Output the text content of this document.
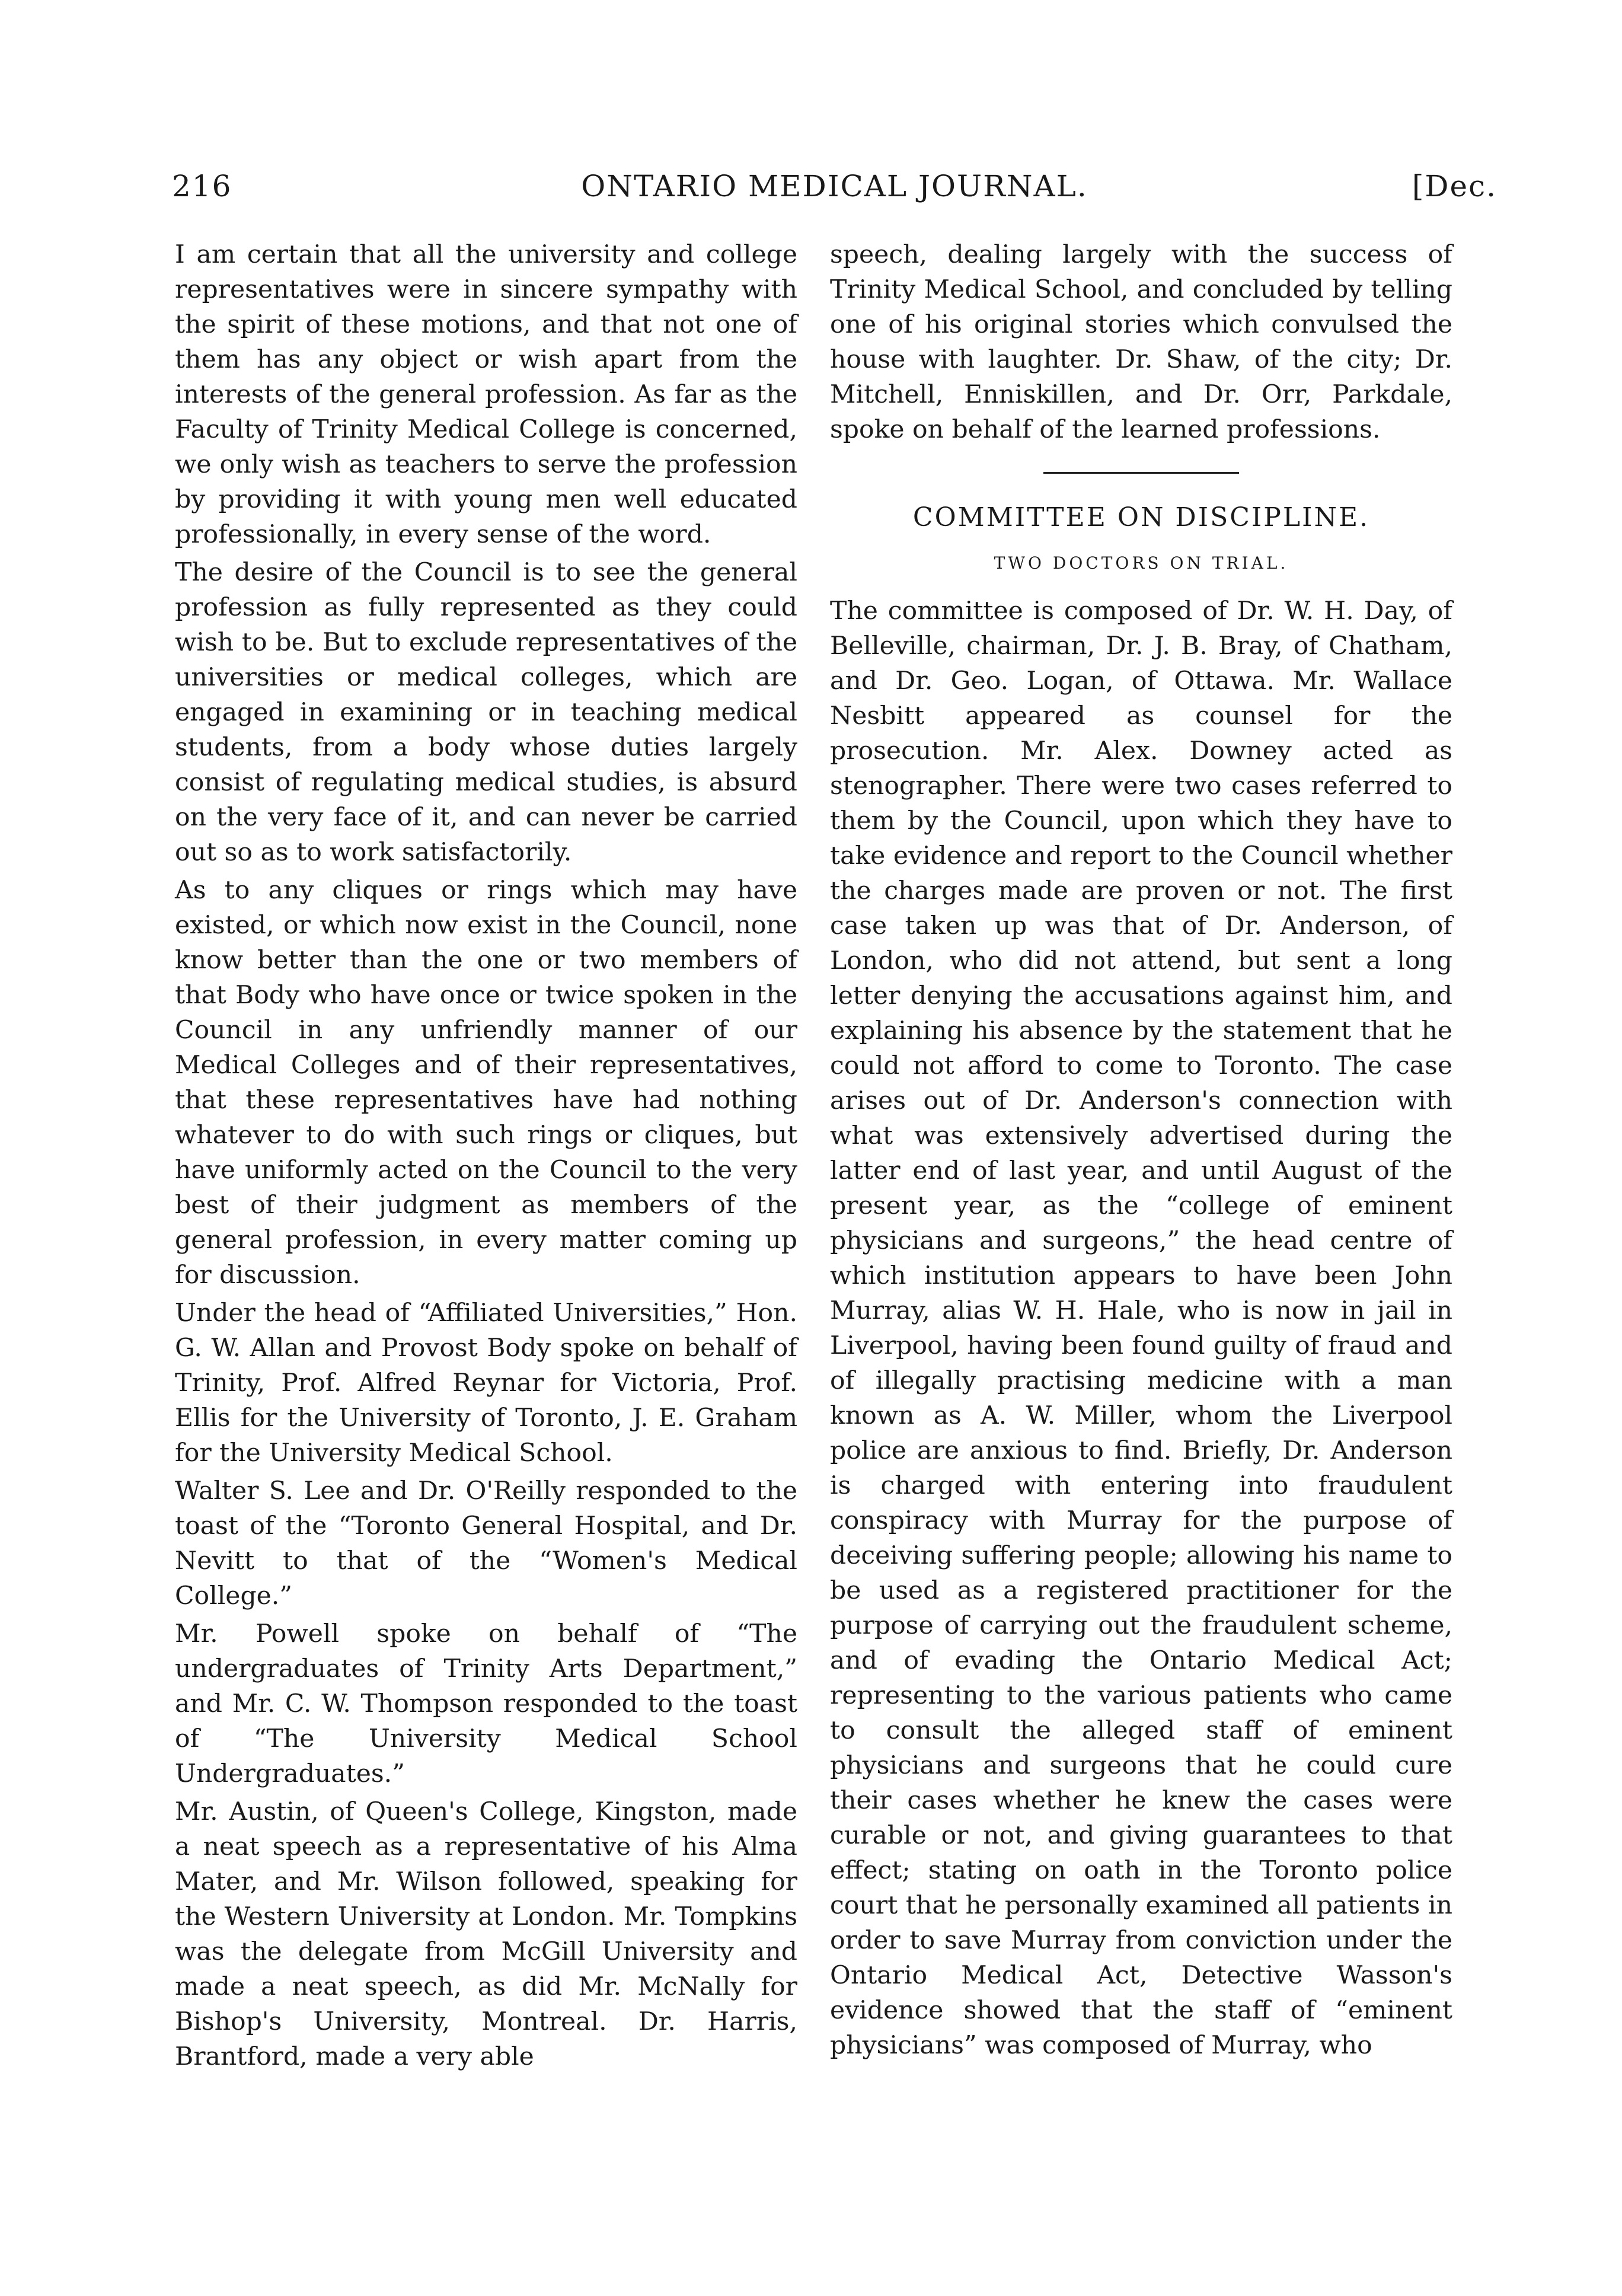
216	ONTARIO MEDICAL JOURNAL.	[Dec.

I am certain that all the university and college representatives were in sincere sympathy with the spirit of these motions, and that not one of them has any object or wish apart from the interests of the general profession. As far as the Faculty of Trinity Medical College is concerned, we only wish as teachers to serve the profession by providing it with young men well educated professionally, in every sense of the word.

The desire of the Council is to see the general profession as fully represented as they could wish to be. But to exclude representatives of the universities or medical colleges, which are engaged in examining or in teaching medical students, from a body whose duties largely consist of regulating medical studies, is absurd on the very face of it, and can never be carried out so as to work satisfactorily.

As to any cliques or rings which may have existed, or which now exist in the Council, none know better than the one or two members of that Body who have once or twice spoken in the Council in any unfriendly manner of our Medical Colleges and of their representatives, that these representatives have had nothing whatever to do with such rings or cliques, but have uniformly acted on the Council to the very best of their judgment as members of the general profession, in every matter coming up for discussion.

Under the head of “Affiliated Universities,” Hon. G. W. Allan and Provost Body spoke on behalf of Trinity, Prof. Alfred Reynar for Victoria, Prof. Ellis for the University of Toronto, J. E. Graham for the University Medical School.

Walter S. Lee and Dr. O'Reilly responded to the toast of the “Toronto General Hospital, and Dr. Nevitt to that of the “Women's Medical College.”

Mr. Powell spoke on behalf of “The undergraduates of Trinity Arts Department,” and Mr. C. W. Thompson responded to the toast of “The University Medical School Undergraduates.”

Mr. Austin, of Queen's College, Kingston, made a neat speech as a representative of his Alma Mater, and Mr. Wilson followed, speaking for the Western University at London. Mr. Tompkins was the delegate from McGill University and made a neat speech, as did Mr. McNally for Bishop's University, Montreal. Dr. Harris, Brantford, made a very able

speech, dealing largely with the success of Trinity Medical School, and concluded by telling one of his original stories which convulsed the house with laughter. Dr. Shaw, of the city; Dr. Mitchell, Enniskillen, and Dr. Orr, Parkdale, spoke on behalf of the learned professions.

COMMITTEE ON DISCIPLINE.
TWO DOCTORS ON TRIAL.

The committee is composed of Dr. W. H. Day, of Belleville, chairman, Dr. J. B. Bray, of Chatham, and Dr. Geo. Logan, of Ottawa. Mr. Wallace Nesbitt appeared as counsel for the prosecution. Mr. Alex. Downey acted as stenographer. There were two cases referred to them by the Council, upon which they have to take evidence and report to the Council whether the charges made are proven or not. The first case taken up was that of Dr. Anderson, of London, who did not attend, but sent a long letter denying the accusations against him, and explaining his absence by the statement that he could not afford to come to Toronto. The case arises out of Dr. Anderson's connection with what was extensively advertised during the latter end of last year, and until August of the present year, as the “college of eminent physicians and surgeons,” the head centre of which institution appears to have been John Murray, alias W. H. Hale, who is now in jail in Liverpool, having been found guilty of fraud and of illegally practising medicine with a man known as A. W. Miller, whom the Liverpool police are anxious to find. Briefly, Dr. Anderson is charged with entering into fraudulent conspiracy with Murray for the purpose of deceiving suffering people; allowing his name to be used as a registered practitioner for the purpose of carrying out the fraudulent scheme, and of evading the Ontario Medical Act; representing to the various patients who came to consult the alleged staff of eminent physicians and surgeons that he could cure their cases whether he knew the cases were curable or not, and giving guarantees to that effect; stating on oath in the Toronto police court that he personally examined all patients in order to save Murray from conviction under the Ontario Medical Act, Detective Wasson's evidence showed that the staff of “eminent physicians” was composed of Murray, who
